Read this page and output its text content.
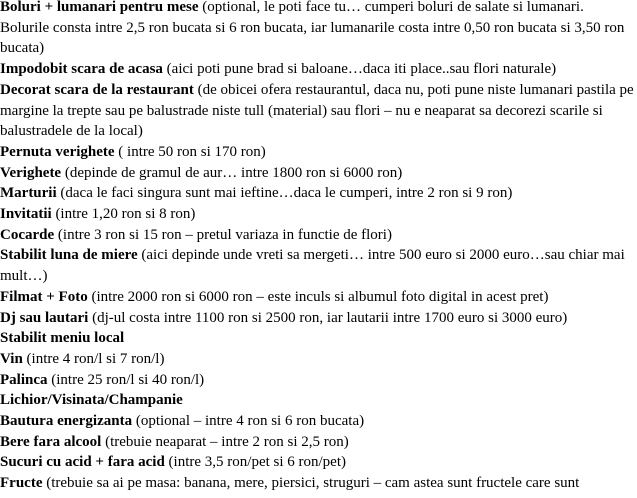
Boluri + lumanari pentru mese (optional, le poti face tu… cumperi boluri de salate si lumanari. Bolurile consta intre 2,5 ron bucata si 6 ron bucata, iar lumanarile costa intre 0,50 ron bucata si 3,50 ron bucata)

Impodobit scara de acasa (aici poti pune brad si baloane…daca iti place..sau flori naturale)

Decorat scara de la restaurant (de obicei ofera restaurantul, daca nu, poti pune niste lumanari pastila pe margine la trepte sau pe balustrade niste tull (material) sau flori – nu e neaparat sa decorezi scarile si balustradele de la local)

Pernuta verighete ( intre 50 ron si 170 ron)

Verighete (depinde de gramul de aur… intre 1800 ron si 6000 ron)

Marturii (daca le faci singura sunt mai ieftine…daca le cumperi, intre 2 ron si 9 ron)

Invitatii (intre 1,20 ron si 8 ron)

Cocarde (intre 3 ron si 15 ron – pretul variaza in functie de flori)

Stabilit luna de miere (aici depinde unde vreti sa mergeti… intre 500 euro si 2000 euro…sau chiar mai mult…)

Filmat + Foto (intre 2000 ron si 6000 ron – este inculs si albumul foto digital in acest pret)

Dj sau lautari (dj-ul costa intre 1100 ron si 2500 ron, iar lautarii intre 1700 euro si 3000 euro)

Stabilit meniu local

Vin (intre 4 ron/l si 7 ron/l)

Palinca (intre 25 ron/l si 40 ron/l)

Lichior/Visinata/Champanie

Bautura energizanta (optional – intre 4 ron si 6 ron bucata)

Bere fara alcool (trebuie neaparat – intre 2 ron si 2,5 ron)

Sucuri cu acid + fara acid (intre 3,5 ron/pet si 6 ron/pet)

Fructe (trebuie sa ai pe masa: banana, mere, piersici, struguri – cam astea sunt fructele care sunt
